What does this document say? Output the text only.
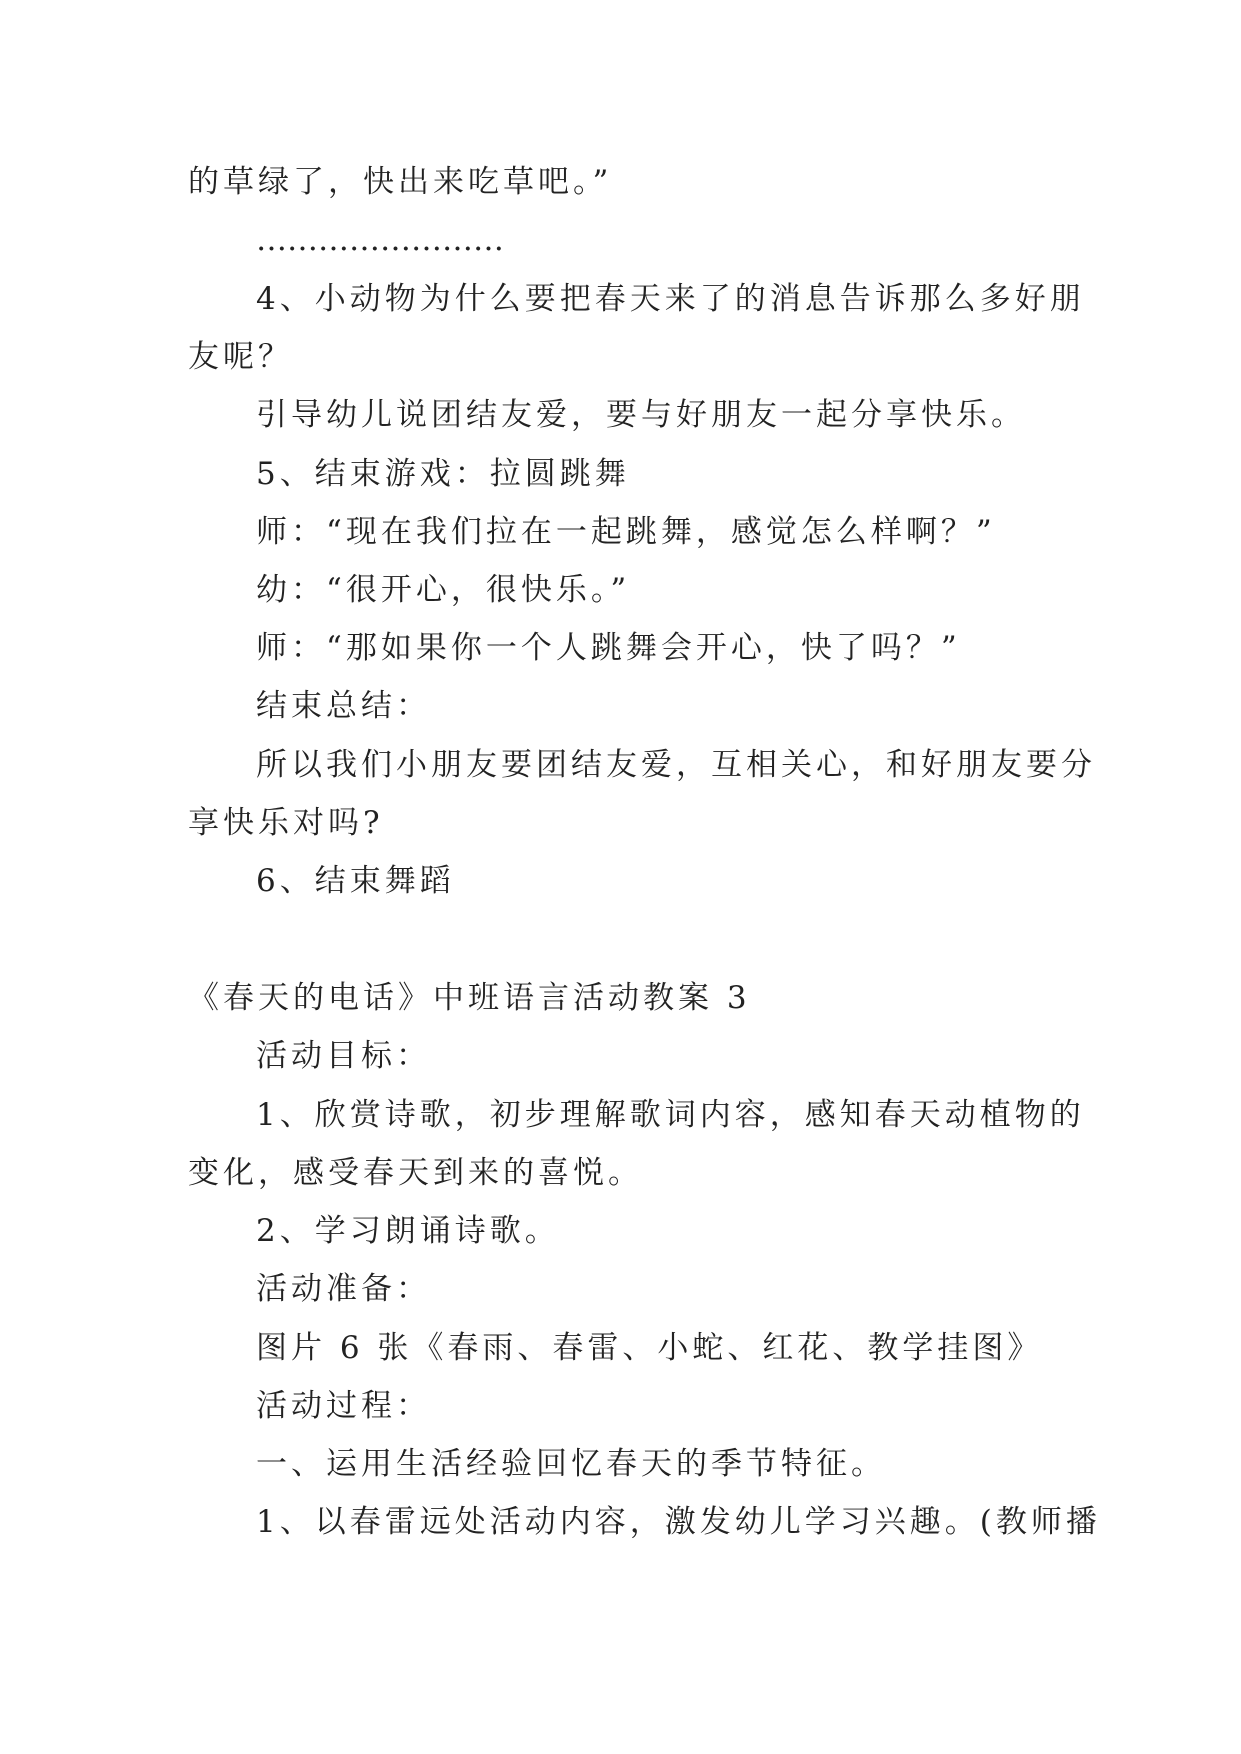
的草绿了，快出来吃草吧。”
……………………
4、小动物为什么要把春天来了的消息告诉那么多好朋
友呢？
引导幼儿说团结友爱，要与好朋友一起分享快乐。
5、结束游戏：拉圆跳舞
师：“现在我们拉在一起跳舞，感觉怎么样啊？”
幼：“很开心，很快乐。”
师：“那如果你一个人跳舞会开心，快了吗？”
结束总结：
所以我们小朋友要团结友爱，互相关心，和好朋友要分
享快乐对吗?
6、结束舞蹈
《春天的电话》中班语言活动教案 3
活动目标：
1、欣赏诗歌，初步理解歌词内容，感知春天动植物的
变化，感受春天到来的喜悦。
2、学习朗诵诗歌。
活动准备：
图片 6 张《春雨、春雷、小蛇、红花、教学挂图》
活动过程：
一、运用生活经验回忆春天的季节特征。
1、以春雷远处活动内容，激发幼儿学习兴趣。(教师播
